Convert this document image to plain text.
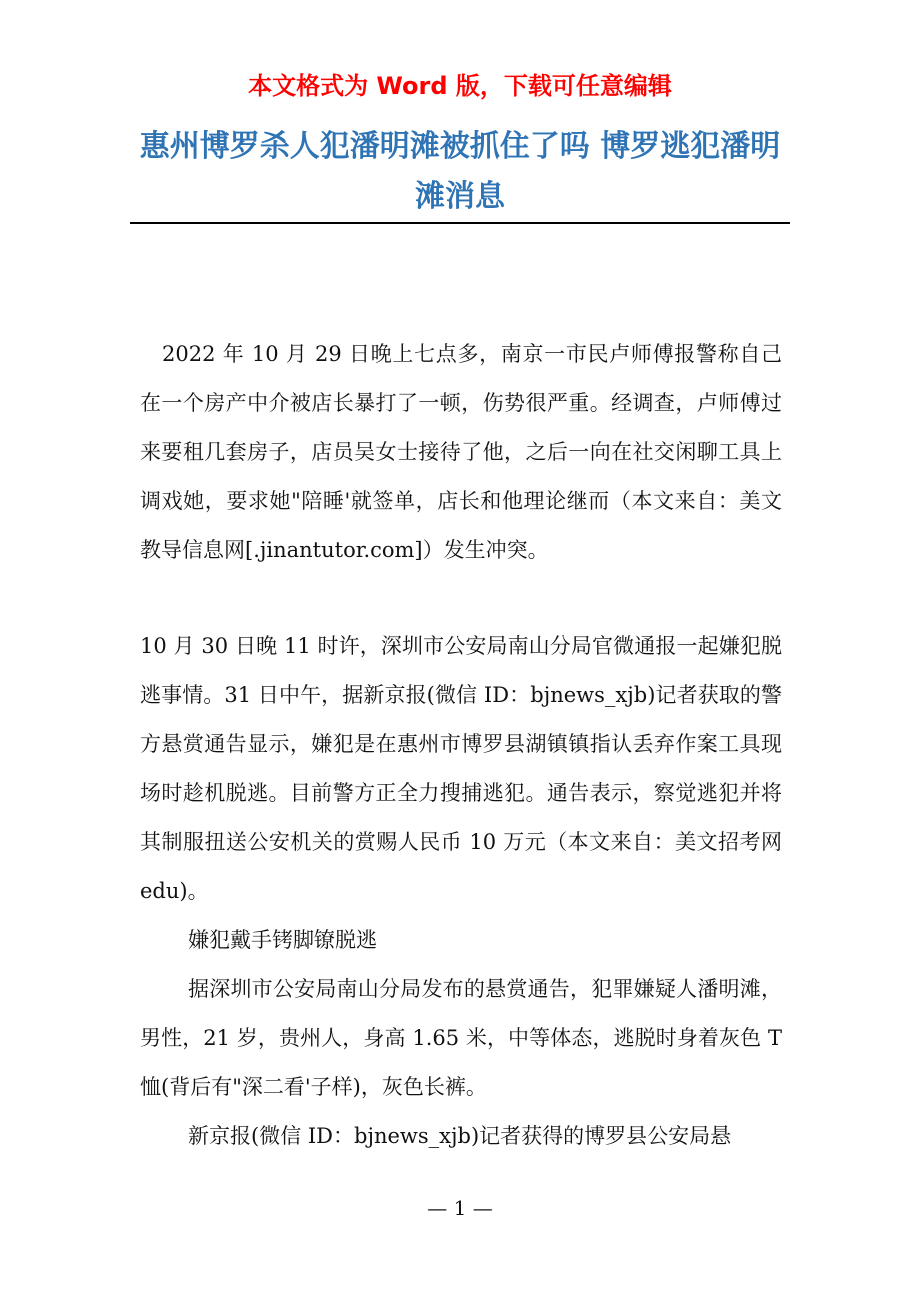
本文格式为 Word 版，下载可任意编辑
惠州博罗杀人犯潘明滩被抓住了吗 博罗逃犯潘明滩消息

2022 年 10 月 29 日晚上七点多，南京一市民卢师傅报警称自己在一个房产中介被店长暴打了一顿，伤势很严重。经调查，卢师傅过来要租几套房子，店员吴女士接待了他，之后一向在社交闲聊工具上调戏她，要求她"陪睡'就签单，店长和他理论继而（本文来自：美文教导信息网[.jinantutor.com]）发生冲突。

10 月 30 日晚 11 时许，深圳市公安局南山分局官微通报一起嫌犯脱逃事情。31 日中午，据新京报(微信 ID：bjnews_xjb)记者获取的警方悬赏通告显示，嫌犯是在惠州市博罗县湖镇镇指认丢弃作案工具现场时趁机脱逃。目前警方正全力搜捕逃犯。通告表示，察觉逃犯并将其制服扭送公安机关的赏赐人民币 10 万元（本文来自：美文招考网 edu)。

嫌犯戴手铐脚镣脱逃

据深圳市公安局南山分局发布的悬赏通告，犯罪嫌疑人潘明滩，男性，21 岁，贵州人，身高 1.65 米，中等体态，逃脱时身着灰色 T 恤(背后有"深二看'子样)，灰色长裤。

新京报(微信 ID：bjnews_xjb)记者获得的博罗县公安局悬

— 1 —
